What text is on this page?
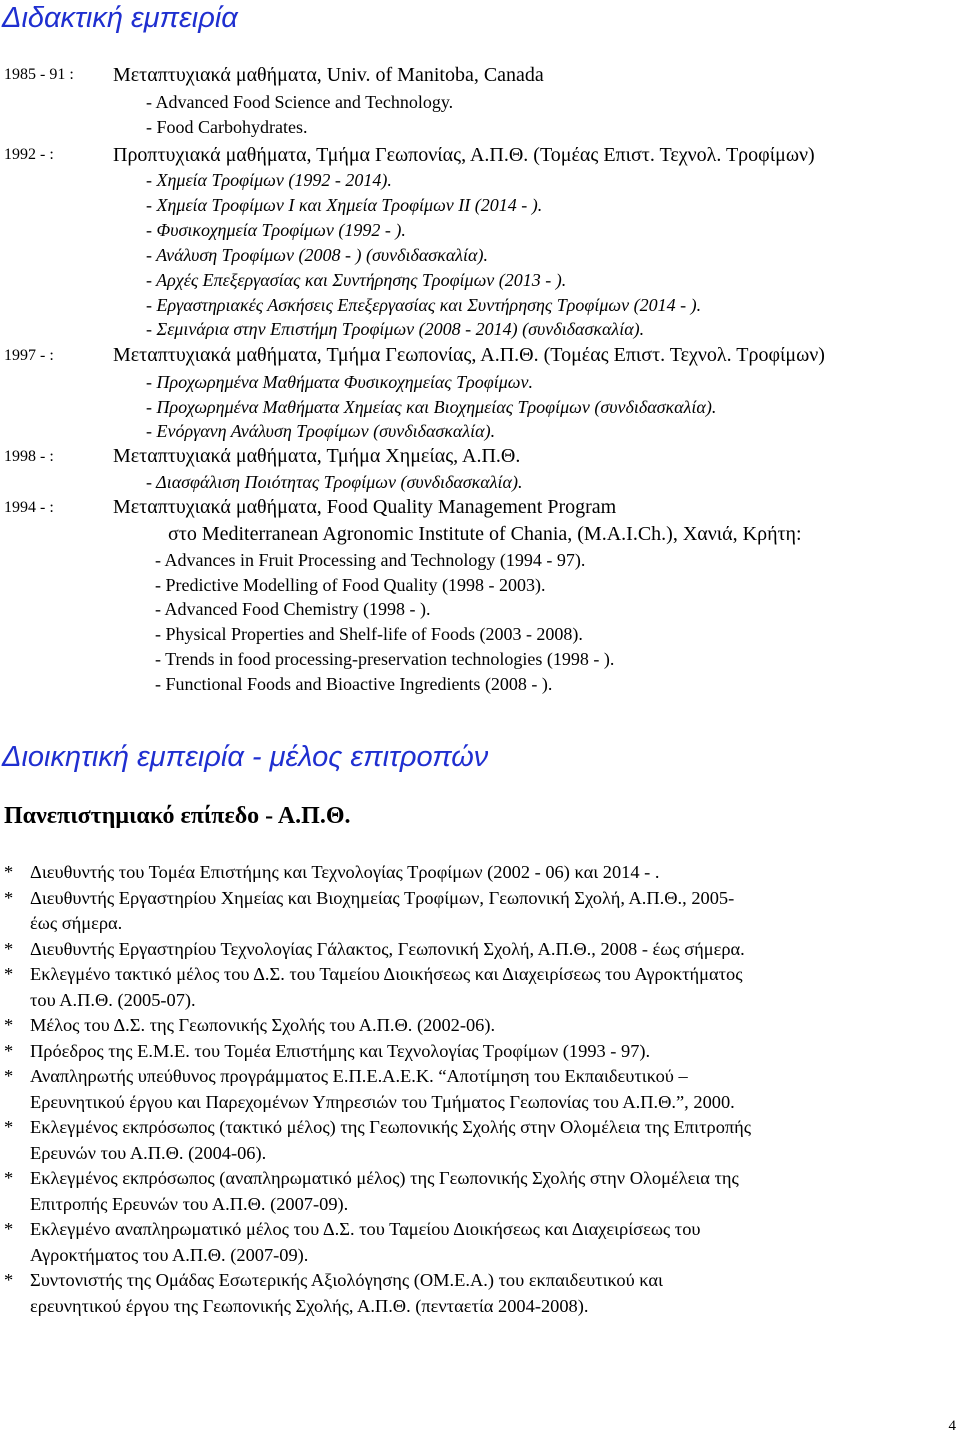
Διδακτική εμπειρία
1985 - 91 : Μεταπτυχιακά μαθήματα, Univ. of Manitoba, Canada
- Advanced Food Science and Technology.
- Food Carbohydrates.
1992 - :	Προπτυχιακά μαθήματα, Τμήμα Γεωπονίας, Α.Π.Θ. (Τομέας Επιστ. Τεχνολ. Τροφίμων)
- Χημεία Τροφίμων (1992 - 2014).
- Χημεία Τροφίμων Ι και Χημεία Τροφίμων ΙΙ (2014 - ).
- Φυσικοχημεία Τροφίμων (1992 - ).
- Ανάλυση Τροφίμων (2008 - ) (συνδιδασκαλία).
- Αρχές Επεξεργασίας και Συντήρησης Τροφίμων (2013 - ).
- Εργαστηριακές Ασκήσεις Επεξεργασίας και Συντήρησης Τροφίμων (2014 - ).
- Σεμινάρια στην Επιστήμη Τροφίμων (2008 - 2014) (συνδιδασκαλία).
1997 - :	Μεταπτυχιακά μαθήματα, Τμήμα Γεωπονίας, Α.Π.Θ. (Τομέας Επιστ. Τεχνολ. Τροφίμων)
- Προχωρημένα Μαθήματα Φυσικοχημείας Τροφίμων.
- Προχωρημένα Μαθήματα Χημείας και Βιοχημείας Τροφίμων (συνδιδασκαλία).
- Ενόργανη Ανάλυση Τροφίμων (συνδιδασκαλία).
1998 - :	Μεταπτυχιακά μαθήματα, Τμήμα Χημείας, Α.Π.Θ.
- Διασφάλιση Ποιότητας Τροφίμων (συνδιδασκαλία).
1994 - :	Μεταπτυχιακά μαθήματα, Food Quality Management Program
στο Mediterranean Agronomic Institute of Chania, (M.A.I.Ch.), Χανιά, Κρήτη:
- Advances in Fruit Processing and Technology (1994 - 97).
- Predictive Modelling of Food Quality (1998 - 2003).
- Advanced Food Chemistry (1998 - ).
- Physical Properties and Shelf-life of Foods (2003 - 2008).
- Trends in food processing-preservation technologies (1998 - ).
- Functional Foods and Bioactive Ingredients (2008 - ).
Διοικητική εμπειρία - μέλος επιτροπών
Πανεπιστημιακό επίπεδο - Α.Π.Θ.
* Διευθυντής του Τομέα Επιστήμης και Τεχνολογίας Τροφίμων (2002 - 06) και 2014 - .
* Διευθυντής Εργαστηρίου Χημείας και Βιοχημείας Τροφίμων, Γεωπονική Σχολή, Α.Π.Θ., 2005-
έως σήμερα.
* Διευθυντής Εργαστηρίου Τεχνολογίας Γάλακτος, Γεωπονική Σχολή, Α.Π.Θ., 2008 - έως σήμερα.
* Εκλεγμένο τακτικό μέλος του Δ.Σ. του Ταμείου Διοικήσεως και Διαχειρίσεως του Αγροκτήματος
του Α.Π.Θ. (2005-07).
* Μέλος του Δ.Σ. της Γεωπονικής Σχολής του Α.Π.Θ. (2002-06).
* Πρόεδρος της Ε.Μ.Ε. του Τομέα Επιστήμης και Τεχνολογίας Τροφίμων (1993 - 97).
* Αναπληρωτής υπεύθυνος προγράμματος Ε.Π.Ε.Α.Ε.Κ. “Αποτίμηση του Εκπαιδευτικού –
Ερευνητικού έργου και Παρεχομένων Υπηρεσιών του Τμήματος Γεωπονίας του Α.Π.Θ.”, 2000.
* Εκλεγμένος εκπρόσωπος (τακτικό μέλος) της Γεωπονικής Σχολής στην Ολομέλεια της Επιτροπής
Ερευνών του Α.Π.Θ. (2004-06).
* Εκλεγμένος εκπρόσωπος (αναπληρωματικό μέλος) της Γεωπονικής Σχολής στην Ολομέλεια της
Επιτροπής Ερευνών του Α.Π.Θ. (2007-09).
* Εκλεγμένο αναπληρωματικό μέλος του Δ.Σ. του Ταμείου Διοικήσεως και Διαχειρίσεως του
Αγροκτήματος του Α.Π.Θ. (2007-09).
* Συντονιστής της Ομάδας Εσωτερικής Αξιολόγησης (ΟΜ.Ε.Α.) του εκπαιδευτικού και
ερευνητικού έργου της Γεωπονικής Σχολής, Α.Π.Θ. (πενταετία 2004-2008).
4
